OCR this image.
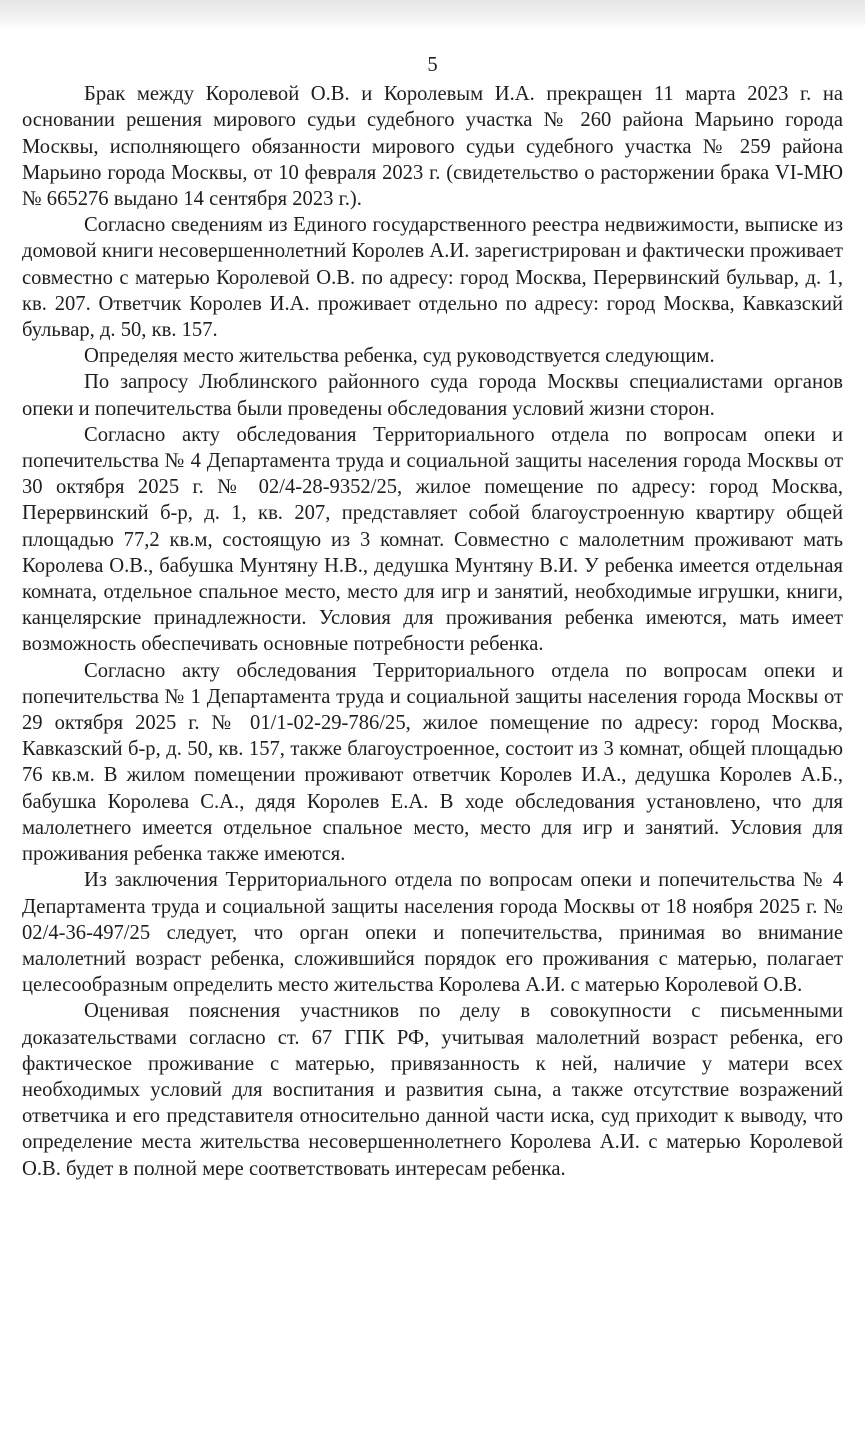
5

Брак между Королевой О.В. и Королевым И.А. прекращен 11 марта 2023 г. на основании решения мирового судьи судебного участка № 260 района Марьино города Москвы, исполняющего обязанности мирового судьи судебного участка № 259 района Марьино города Москвы, от 10 февраля 2023 г. (свидетельство о расторжении брака VI-МЮ № 665276 выдано 14 сентября 2023 г.).

Согласно сведениям из Единого государственного реестра недвижимости, выписке из домовой книги несовершеннолетний Королев А.И. зарегистрирован и фактически проживает совместно с матерью Королевой О.В. по адресу: город Москва, Перервинский бульвар, д. 1, кв. 207. Ответчик Королев И.А. проживает отдельно по адресу: город Москва, Кавказский бульвар, д. 50, кв. 157.

Определяя место жительства ребенка, суд руководствуется следующим.

По запросу Люблинского районного суда города Москвы специалистами органов опеки и попечительства были проведены обследования условий жизни сторон.

Согласно акту обследования Территориального отдела по вопросам опеки и попечительства № 4 Департамента труда и социальной защиты населения города Москвы от 30 октября 2025 г. № 02/4-28-9352/25, жилое помещение по адресу: город Москва, Перервинский б-р, д. 1, кв. 207, представляет собой благоустроенную квартиру общей площадью 77,2 кв.м, состоящую из 3 комнат. Совместно с малолетним проживают мать Королева О.В., бабушка Мунтяну Н.В., дедушка Мунтяну В.И. У ребенка имеется отдельная комната, отдельное спальное место, место для игр и занятий, необходимые игрушки, книги, канцелярские принадлежности. Условия для проживания ребенка имеются, мать имеет возможность обеспечивать основные потребности ребенка.

Согласно акту обследования Территориального отдела по вопросам опеки и попечительства № 1 Департамента труда и социальной защиты населения города Москвы от 29 октября 2025 г. № 01/1-02-29-786/25, жилое помещение по адресу: город Москва, Кавказский б-р, д. 50, кв. 157, также благоустроенное, состоит из 3 комнат, общей площадью 76 кв.м. В жилом помещении проживают ответчик Королев И.А., дедушка Королев А.Б., бабушка Королева С.А., дядя Королев Е.А. В ходе обследования установлено, что для малолетнего имеется отдельное спальное место, место для игр и занятий. Условия для проживания ребенка также имеются.

Из заключения Территориального отдела по вопросам опеки и попечительства № 4 Департамента труда и социальной защиты населения города Москвы от 18 ноября 2025 г. № 02/4-36-497/25 следует, что орган опеки и попечительства, принимая во внимание малолетний возраст ребенка, сложившийся порядок его проживания с матерью, полагает целесообразным определить место жительства Королева А.И. с матерью Королевой О.В.

Оценивая пояснения участников по делу в совокупности с письменными доказательствами согласно ст. 67 ГПК РФ, учитывая малолетний возраст ребенка, его фактическое проживание с матерью, привязанность к ней, наличие у матери всех необходимых условий для воспитания и развития сына, а также отсутствие возражений ответчика и его представителя относительно данной части иска, суд приходит к выводу, что определение места жительства несовершеннолетнего Королева А.И. с матерью Королевой О.В. будет в полной мере соответствовать интересам ребенка.
